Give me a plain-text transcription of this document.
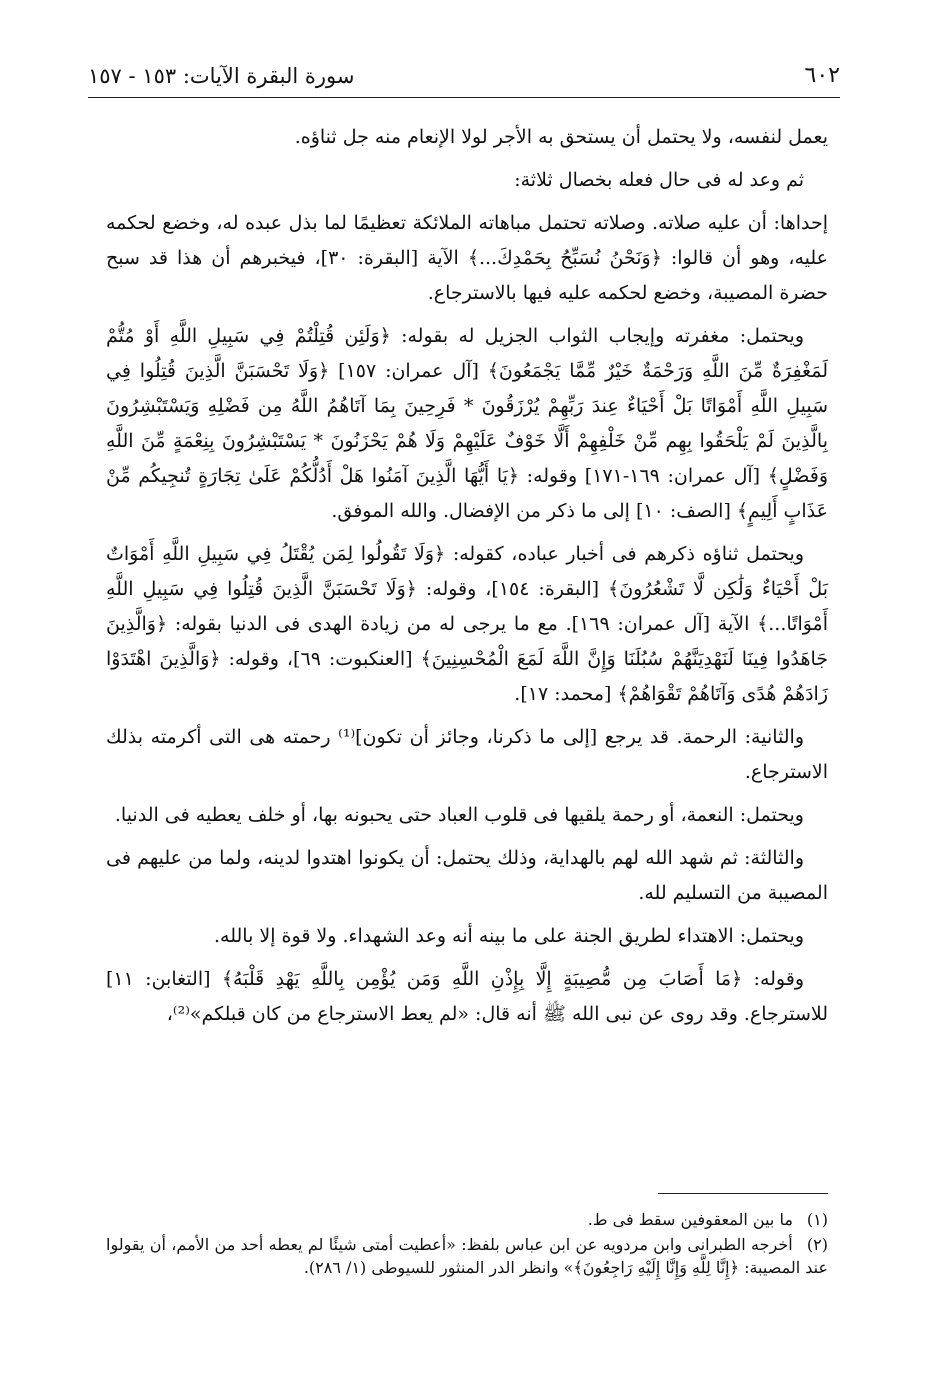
٦٠٢
سورة البقرة الآيات: ١٥٣ - ١٥٧

يعمل لنفسه، ولا يحتمل أن يستحق به الأجر لولا الإنعام منه جل ثناؤه.

ثم وعد له فى حال فعله بخصال ثلاثة:

إحداها: أن عليه صلاته. وصلاته تحتمل مباهاته الملائكة تعظيمًا لما بذل عبده له، وخضع لحكمه عليه، وهو أن قالوا: ﴿وَنَحْنُ نُسَبِّحُ بِحَمْدِكَ...﴾ الآية [البقرة: ٣٠]، فيخبرهم أن هذا قد سبح حضرة المصيبة، وخضع لحكمه عليه فيها بالاسترجاع.

ويحتمل: مغفرته وإيجاب الثواب الجزيل له بقوله: ﴿وَلَئِن قُتِلْتُمْ فِي سَبِيلِ اللَّهِ أَوْ مُتُّمْ لَمَغْفِرَةٌ مِّنَ اللَّهِ وَرَحْمَةٌ خَيْرٌ مِّمَّا يَجْمَعُونَ﴾ [آل عمران: ١٥٧] ﴿وَلَا تَحْسَبَنَّ الَّذِينَ قُتِلُوا فِي سَبِيلِ اللَّهِ أَمْوَاتًا بَلْ أَحْيَاءٌ عِندَ رَبِّهِمْ يُرْزَقُونَ * فَرِحِينَ بِمَا آتَاهُمُ اللَّهُ مِن فَضْلِهِ وَيَسْتَبْشِرُونَ بِالَّذِينَ لَمْ يَلْحَقُوا بِهِم مِّنْ خَلْفِهِمْ أَلَّا خَوْفٌ عَلَيْهِمْ وَلَا هُمْ يَحْزَنُونَ * يَسْتَبْشِرُونَ بِنِعْمَةٍ مِّنَ اللَّهِ وَفَضْلٍ﴾ [آل عمران: ١٦٩-١٧١] وقوله: ﴿يَا أَيُّهَا الَّذِينَ آمَنُوا هَلْ أَدُلُّكُمْ عَلَىٰ تِجَارَةٍ تُنجِيكُم مِّنْ عَذَابٍ أَلِيمٍ﴾ [الصف: ١٠] إلى ما ذكر من الإفضال. والله الموفق.

ويحتمل ثناؤه ذكرهم فى أخبار عباده، كقوله: ﴿وَلَا تَقُولُوا لِمَن يُقْتَلُ فِي سَبِيلِ اللَّهِ أَمْوَاتٌ بَلْ أَحْيَاءٌ وَلَٰكِن لَّا تَشْعُرُونَ﴾ [البقرة: ١٥٤]، وقوله: ﴿وَلَا تَحْسَبَنَّ الَّذِينَ قُتِلُوا فِي سَبِيلِ اللَّهِ أَمْوَاتًا...﴾ الآية [آل عمران: ١٦٩]. مع ما يرجى له من زيادة الهدى فى الدنيا بقوله: ﴿وَالَّذِينَ جَاهَدُوا فِينَا لَنَهْدِيَنَّهُمْ سُبُلَنَا وَإِنَّ اللَّهَ لَمَعَ الْمُحْسِنِينَ﴾ [العنكبوت: ٦٩]، وقوله: ﴿وَالَّذِينَ اهْتَدَوْا زَادَهُمْ هُدًى وَآتَاهُمْ تَقْوَاهُمْ﴾ [محمد: ١٧].

والثانية: الرحمة. قد يرجع [إلى ما ذكرنا، وجائز أن تكون]⁽¹⁾ رحمته هى التى أكرمته بذلك الاسترجاع.

ويحتمل: النعمة، أو رحمة يلقيها فى قلوب العباد حتى يحبونه بها، أو خلف يعطيه فى الدنيا.

والثالثة: ثم شهد الله لهم بالهداية، وذلك يحتمل: أن يكونوا اهتدوا لدينه، ولما من عليهم فى المصيبة من التسليم لله.

ويحتمل: الاهتداء لطريق الجنة على ما بينه أنه وعد الشهداء. ولا قوة إلا بالله.

وقوله: ﴿مَا أَصَابَ مِن مُّصِيبَةٍ إِلَّا بِإِذْنِ اللَّهِ وَمَن يُؤْمِن بِاللَّهِ يَهْدِ قَلْبَهُ﴾ [التغابن: ١١] للاسترجاع. وقد روى عن نبى الله ﷺ أنه قال: «لم يعط الاسترجاع من كان قبلكم»⁽²⁾،

(١) ما بين المعقوفين سقط فى ط.

(٢) أخرجه الطبرانى وابن مردويه عن ابن عباس بلفظ: «أعطيت أمتى شيئًا لم يعطه أحد من الأمم، أن يقولوا عند المصيبة: ﴿إِنَّا لِلَّهِ وَإِنَّا إِلَيْهِ رَاجِعُونَ﴾» وانظر الدر المنثور للسيوطى (١/ ٢٨٦).
